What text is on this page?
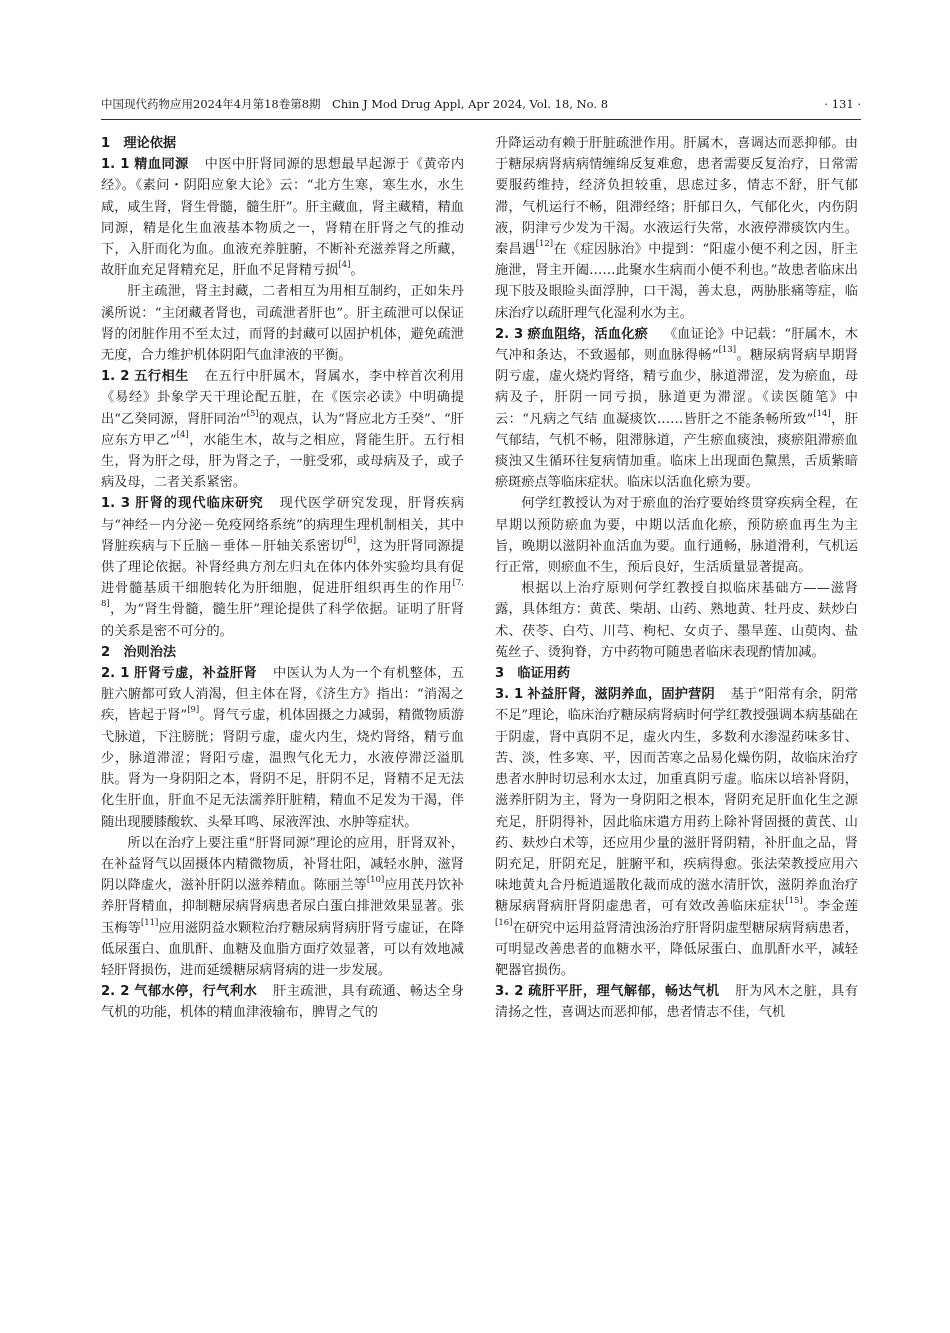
中国现代药物应用2024年4月第18卷第8期　Chin J Mod Drug Appl, Apr 2024, Vol. 18, No. 8	· 131 ·

1　 理论依据

1. 1 精血同源 中医中肝肾同源的思想最早起源于《黄帝内经》。《素问・阴阳应象大论》云：“北方生寒，寒生水，水生咸，咸生肾，肾生骨髓，髓生肝”。肝主藏血，肾主藏精，精血同源，精是化生血液基本物质之一，肾精在肝肾之气的推动下，入肝而化为血。血液充养脏腑，不断补充滋养肾之所藏，故肝血充足肾精充足，肝血不足肾精亏损[4]。

肝主疏泄，肾主封藏，二者相互为用相互制约，正如朱丹溪所说：“主闭藏者肾也，司疏泄者肝也”。肝主疏泄可以保证肾的闭脏作用不至太过，而肾的封藏可以固护机体，避免疏泄无度，合力维护机体阴阳气血津液的平衡。

1. 2 五行相生 在五行中肝属木，肾属水，李中梓首次利用《易经》卦象学天干理论配五脏，在《医宗必读》中明确提出“乙癸同源，肾肝同治”[5]的观点，认为“肾应北方壬癸”、“肝应东方甲乙”[4]，水能生木，故与之相应，肾能生肝。五行相生，肾为肝之母，肝为肾之子，一脏受邪，或母病及子，或子病及母，二者关系紧密。

1. 3 肝肾的现代临床研究 现代医学研究发现，肝肾疾病与“神经－内分泌－免疫网络系统”的病理生理机制相关，其中肾脏疾病与下丘脑－垂体－肝轴关系密切[6]，这为肝肾同源提供了理论依据。补肾经典方剂左归丸在体内体外实验均具有促进骨髓基质干细胞转化为肝细胞，促进肝组织再生的作用[7, 8]，为“肾生骨髓，髓生肝”理论提供了科学依据。证明了肝肾的关系是密不可分的。

2　 治则治法

2. 1 肝肾亏虚，补益肝肾 中医认为人为一个有机整体，五脏六腑都可致人消渴，但主体在肾，《济生方》指出：“消渴之疾，皆起于肾”[9]。肾气亏虚，机体固摄之力减弱，精微物质游弋脉道，下注膀胱；肾阴亏虚，虚火内生，烧灼肾络，精亏血少，脉道滞涩；肾阳亏虚，温煦气化无力，水液停滞泛溢肌肤。肾为一身阴阳之本，肾阴不足，肝阴不足，肾精不足无法化生肝血，肝血不足无法濡养肝脏精，精血不足发为干渴，伴随出现腰膝酸软、头晕耳鸣、尿液浑浊、水肿等症状。

所以在治疗上要注重“肝肾同源”理论的应用，肝肾双补，在补益肾气以固摄体内精微物质，补肾壮阳，减轻水肿，滋肾阴以降虚火，滋补肝阴以滋养精血。陈丽兰等[10]应用芪丹饮补养肝肾精血，抑制糖尿病肾病患者尿白蛋白排泄效果显著。张玉梅等[11]应用滋阴益水颗粒治疗糖尿病肾病肝肾亏虚证，在降低尿蛋白、血肌酐、血糖及血脂方面疗效显著，可以有效地减轻肝肾损伤，进而延缓糖尿病肾病的进一步发展。

2. 2 气郁水停，行气利水 肝主疏泄，具有疏通、畅达全身气机的功能，机体的精血津液输布，脾胃之气的

升降运动有赖于肝脏疏泄作用。肝属木，喜调达而恶抑郁。由于糖尿病肾病病情缠绵反复难愈，患者需要反复治疗，日常需要服药维持，经济负担较重，思虑过多，情志不舒，肝气郁滞，气机运行不畅，阻滞经络；肝郁日久，气郁化火，内伤阴液，阴津亏少发为干渴。水液运行失常，水液停滞痰饮内生。秦昌遇[12]在《症因脉治》中提到：“阳虚小便不利之因，肝主施泄，肾主开阖……此聚水生病而小便不利也。”故患者临床出现下肢及眼睑头面浮肿，口干渴，善太息，两胁胀痛等症，临床治疗以疏肝理气化湿利水为主。

2. 3 瘀血阻络，活血化瘀 《血证论》中记载：“肝属木，木气冲和条达，不致遏郁，则血脉得畅”[13]。糖尿病肾病早期肾阴亏虚，虚火烧灼肾络，精亏血少，脉道滞涩，发为瘀血，母病及子，肝阴一同亏损，脉道更为滞涩。《读医随笔》中云：“凡病之气结 血凝痰饮……皆肝之不能条畅所致”[14]，肝气郁结，气机不畅，阻滞脉道，产生瘀血痰浊，痰瘀阻滞瘀血痰浊又生循环往复病情加重。临床上出现面色黧黑，舌质紫暗瘀斑瘀点等临床症状。临床以活血化瘀为要。

何学红教授认为对于瘀血的治疗要始终贯穿疾病全程，在早期以预防瘀血为要，中期以活血化瘀，预防瘀血再生为主旨，晚期以滋阴补血活血为要。血行通畅，脉道滑利，气机运行正常，则瘀血不生，预后良好，生活质量显著提高。

根据以上治疗原则何学红教授自拟临床基础方——滋肾露，具体组方：黄芪、柴胡、山药、熟地黄、牡丹皮、麸炒白术、茯苓、白芍、川芎、枸杞、女贞子、墨旱莲、山萸肉、盐菟丝子、烫狗脊，方中药物可随患者临床表现酌情加减。

3　 临证用药

3. 1 补益肝肾，滋阴养血，固护营阴 基于“阳常有余，阴常不足”理论，临床治疗糖尿病肾病时何学红教授强调本病基础在于阴虚，肾中真阴不足，虚火内生，多数利水渗湿药味多甘、苦、淡，性多寒、平，因而苦寒之品易化燥伤阴，故临床治疗患者水肿时切忌利水太过，加重真阴亏虚。临床以培补肾阴，滋养肝阴为主，肾为一身阴阳之根本，肾阴充足肝血化生之源充足，肝阴得补，因此临床遣方用药上除补肾固摄的黄芪、山药、麸炒白术等，还应用少量的滋肝肾阴精，补肝血之品，肾阴充足，肝阴充足，脏腑平和，疾病得愈。张法荣教授应用六味地黄丸合丹栀逍遥散化裁而成的滋水清肝饮，滋阴养血治疗糖尿病肾病肝肾阴虚患者，可有效改善临床症状[15]。李金莲[16]在研究中运用益肾清浊汤治疗肝肾阴虚型糖尿病肾病患者，可明显改善患者的血糖水平，降低尿蛋白、血肌酐水平，减轻靶器官损伤。

3. 2 疏肝平肝，理气解郁，畅达气机 肝为风木之脏，具有清扬之性，喜调达而恶抑郁，患者情志不佳，气机
